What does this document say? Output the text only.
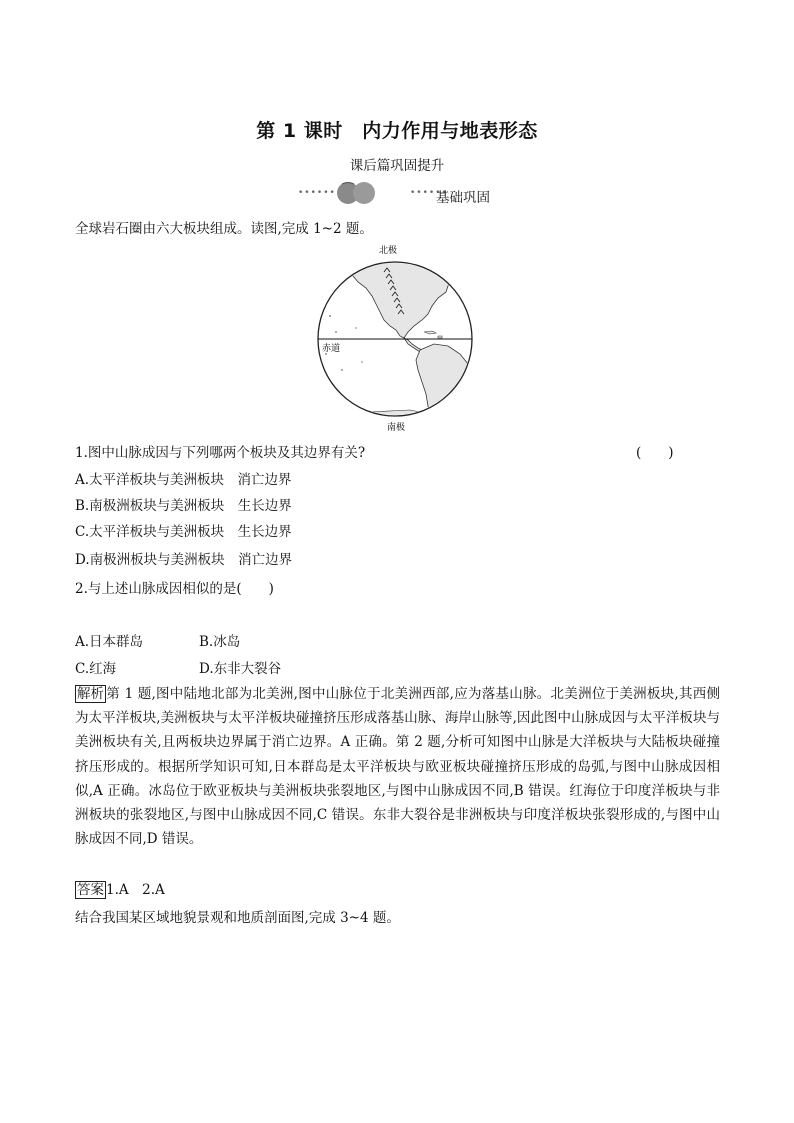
第 1 课时　内力作用与地表形态
课后篇巩固提升
••••••	••••••
基础巩固
全球岩石圈由六大板块组成。读图,完成 1~2 题。
北极
南极
赤道
1.图中山脉成因与下列哪两个板块及其边界有关?	(　　)
A.太平洋板块与美洲板块　消亡边界
B.南极洲板块与美洲板块　生长边界
C.太平洋板块与美洲板块　生长边界
D.南极洲板块与美洲板块　消亡边界
2.与上述山脉成因相似的是(　　)
A.日本群岛	B.冰岛
C.红海	D.东非大裂谷
解析 第 1 题,图中陆地北部为北美洲,图中山脉位于北美洲西部,应为落基山脉。北美洲位于美洲板块,其西侧为太平洋板块,美洲板块与太平洋板块碰撞挤压形成落基山脉、海岸山脉等,因此图中山脉成因与太平洋板块与美洲板块有关,且两板块边界属于消亡边界。A 正确。第 2 题,分析可知图中山脉是大洋板块与大陆板块碰撞挤压形成的。根据所学知识可知,日本群岛是太平洋板块与欧亚板块碰撞挤压形成的岛弧,与图中山脉成因相似,A 正确。冰岛位于欧亚板块与美洲板块张裂地区,与图中山脉成因不同,B 错误。红海位于印度洋板块与非洲板块的张裂地区,与图中山脉成因不同,C 错误。东非大裂谷是非洲板块与印度洋板块张裂形成的,与图中山脉成因不同,D 错误。
答案 1.A　2.A
结合我国某区域地貌景观和地质剖面图,完成 3~4 题。
